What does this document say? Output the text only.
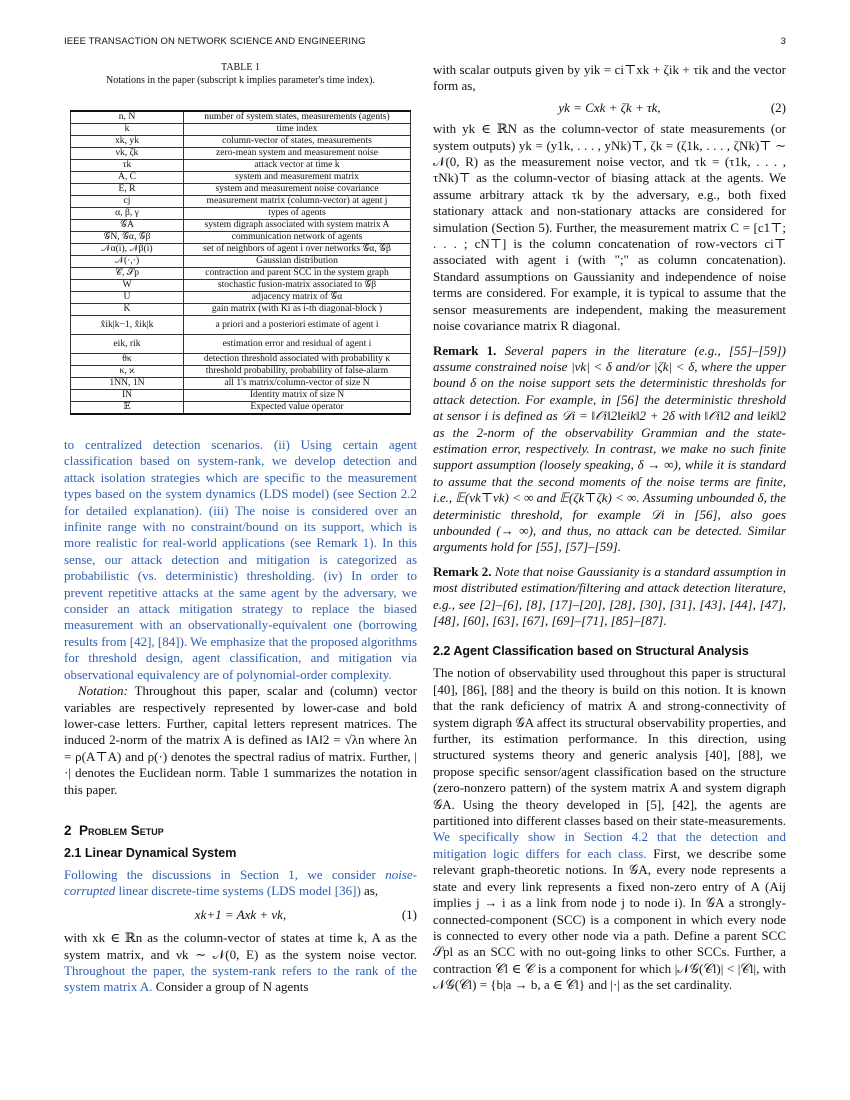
IEEE TRANSACTION ON NETWORK SCIENCE AND ENGINEERING	3

TABLE 1

Notations in the paper (subscript k implies parameter's time index).

n, N	number of system states, measurements (agents)
k	time index
xk, yk	column-vector of states, measurements
νk, ζk	zero-mean system and measurement noise
τk	attack vector at time k
A, C	system and measurement matrix
E, R	system and measurement noise covariance
cj	measurement matrix (column-vector) at agent j
α, β, γ	types of agents
𝒢A	system digraph associated with system matrix A
𝒢N, 𝒢α, 𝒢β	communication network of agents
𝒩α(i), 𝒩β(i)	set of neighbors of agent i over networks 𝒢α, 𝒢β
𝒩(·,·)	Gaussian distribution
𝒞, 𝒮p	contraction and parent SCC in the system graph
W	stochastic fusion-matrix associated to 𝒢β
U	adjacency matrix of 𝒢α
K	gain matrix (with Ki as i-th diagonal-block )
x̂ik|k−1, x̂ik|k	a priori and a posteriori estimate of agent i
eik, rik	estimation error and residual of agent i
θκ	detection threshold associated with probability κ
κ, ϰ	threshold probability, probability of false-alarm
1NN, 1N	all 1's matrix/column-vector of size N
IN	Identity matrix of size N
𝔼	Expected value operator

to centralized detection scenarios. (ii) Using certain agent classification based on system-rank, we develop detection and attack isolation strategies which are specific to the measurement types based on the system dynamics (LDS model) (see Section 2.2 for detailed explanation). (iii) The noise is considered over an infinite range with no constraint/bound on its support, which is more realistic for real-world applications (see Remark 1). In this sense, our attack detection and mitigation is categorized as probabilistic (vs. deterministic) thresholding. (iv) In order to prevent repetitive attacks at the same agent by the adversary, we consider an attack mitigation strategy to replace the biased measurement with an observationally-equivalent one (borrowing results from [42], [84]). We emphasize that the proposed algorithms for threshold design, agent classification, and mitigation via observational equivalency are of polynomial-order complexity.

Notation: Throughout this paper, scalar and (column) vector variables are respectively represented by lower-case and bold lower-case letters. Further, capital letters represent matrices. The induced 2-norm of the matrix A is defined as ‖A‖2 = √λn where λn = ρ(A⊤A) and ρ(·) denotes the spectral radius of matrix. Further, |·| denotes the Euclidean norm. Table 1 summarizes the notation in this paper.

2 Problem Setup

2.1 Linear Dynamical System

Following the discussions in Section 1, we consider noise-corrupted linear discrete-time systems (LDS model [36]) as,

xk+1 = Axk + νk,	(1)

with xk ∈ ℝn as the column-vector of states at time k, A as the system matrix, and νk ∼ 𝒩(0, E) as the system noise vector. Throughout the paper, the system-rank refers to the rank of the system matrix A. Consider a group of N agents

with scalar outputs given by yik = ci⊤xk + ζik + τik and the vector form as,

yk = Cxk + ζk + τk,	(2)

with yk ∈ ℝN as the column-vector of state measurements (or system outputs) yk = (y1k, . . . , yNk)⊤, ζk = (ζ1k, . . . , ζNk)⊤ ∼ 𝒩(0, R) as the measurement noise vector, and τk = (τ1k, . . . , τNk)⊤ as the column-vector of biasing attack at the agents. We assume arbitrary attack τk by the adversary, e.g., both fixed stationary attack and non-stationary attacks are considered for simulation (Section 5). Further, the measurement matrix C = [c1⊤; . . . ; cN⊤] is the column concatenation of row-vectors ci⊤ associated with agent i (with ";" as column concatenation). Standard assumptions on Gaussianity and independence of noise terms are considered. For example, it is typical to assume that the sensor measurements are independent, making the measurement noise covariance matrix R diagonal.

Remark 1. Several papers in the literature (e.g., [55]–[59]) assume constrained noise |νk| < δ and/or |ζk| < δ, where the upper bound δ on the noise support sets the deterministic thresholds for attack detection. For example, in [56] the deterministic threshold at sensor i is defined as 𝒟i = ‖𝒪i‖2‖eik‖2 + 2δ with ‖𝒪i‖2 and ‖eik‖2 as the 2-norm of the observability Grammian and the state-estimation error, respectively. In contrast, we make no such finite support assumption (loosely speaking, δ → ∞), while it is standard to assume that the second moments of the noise terms are finite, i.e., 𝔼(νk⊤νk) < ∞ and 𝔼(ζk⊤ζk) < ∞. Assuming unbounded δ, the deterministic threshold, for example 𝒟i in [56], also goes unbounded (→ ∞), and thus, no attack can be detected. Similar arguments hold for [55], [57]–[59].

Remark 2. Note that noise Gaussianity is a standard assumption in most distributed estimation/filtering and attack detection literature, e.g., see [2]–[6], [8], [17]–[20], [28], [30], [31], [43], [44], [47], [48], [60], [63], [67], [69]–[71], [85]–[87].

2.2 Agent Classification based on Structural Analysis

The notion of observability used throughout this paper is structural [40], [86], [88] and the theory is build on this notion. It is known that the rank deficiency of matrix A and strong-connectivity of system digraph 𝒢A affect its structural observability properties, and further, its estimation performance. In this direction, using structured systems theory and generic analysis [40], [88], we propose specific sensor/agent classification based on the structure (zero-nonzero pattern) of the system matrix A and system digraph 𝒢A. Using the theory developed in [5], [42], the agents are partitioned into different classes based on their state-measurements. We specifically show in Section 4.2 that the detection and mitigation logic differs for each class. First, we describe some relevant graph-theoretic notions. In 𝒢A, every node represents a state and every link represents a fixed non-zero entry of A (Aij implies j → i as a link from node j to node i). In 𝒢A a strongly-connected-component (SCC) is a component in which every node is connected to every other node via a path. Define a parent SCC 𝒮pl as an SCC with no out-going links to other SCCs. Further, a contraction 𝒞l ∈ 𝒞 is a component for which |𝒩𝒢(𝒞l)| < |𝒞l|, with 𝒩𝒢(𝒞l) = {b|a → b, a ∈ 𝒞l} and |·| as the set cardinality.
